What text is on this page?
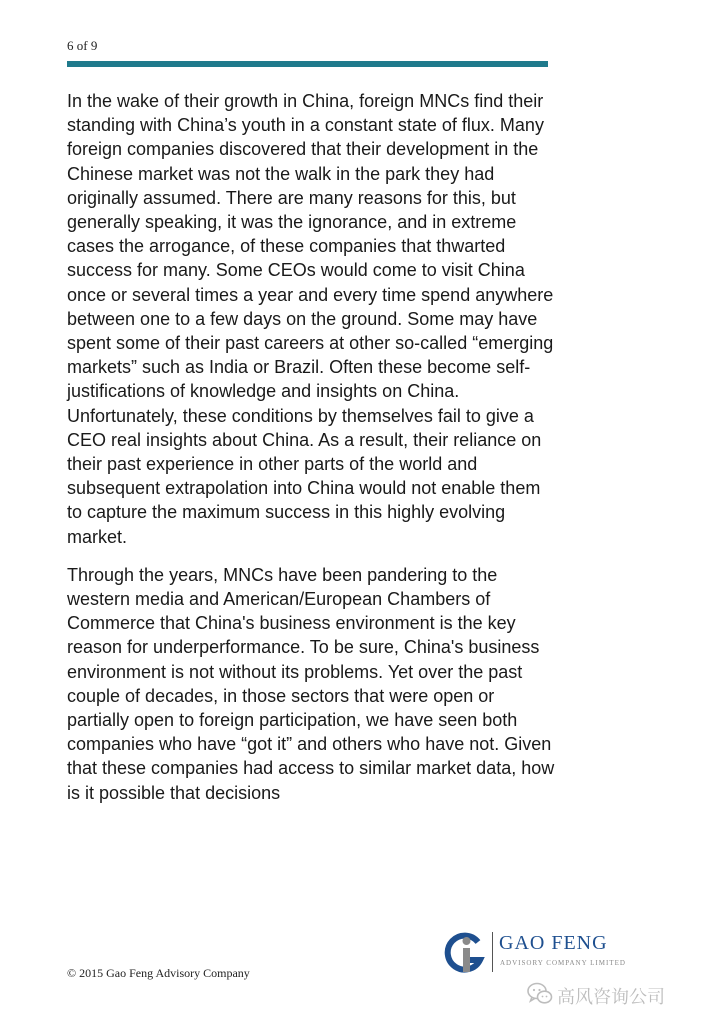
6 of 9

In the wake of their growth in China, foreign MNCs find their standing with China’s youth in a constant state of flux. Many foreign companies discovered that their development in the Chinese market was not the walk in the park they had originally assumed. There are many reasons for this, but generally speaking, it was the ignorance, and in extreme cases the arrogance, of these companies that thwarted success for many. Some CEOs would come to visit China once or several times a year and every time spend anywhere between one to a few days on the ground. Some may have spent some of their past careers at other so-called “emerging markets” such as India or Brazil. Often these become self-justifications of knowledge and insights on China. Unfortunately, these conditions by themselves fail to give a CEO real insights about China. As a result, their reliance on their past experience in other parts of the world and subsequent extrapolation into China would not enable them to capture the maximum success in this highly evolving market.

Through the years, MNCs have been pandering to the western media and American/European Chambers of Commerce that China's business environment is the key reason for underperformance. To be sure, China's business environment is not without its problems. Yet over the past couple of decades, in those sectors that were open or partially open to foreign participation, we have seen both companies who have “got it” and others who have not. Given that these companies had access to similar market data, how is it possible that decisions

GAO FENG
ADVISORY COMPANY LIMITED
© 2015 Gao Feng Advisory Company
高风咨询公司
